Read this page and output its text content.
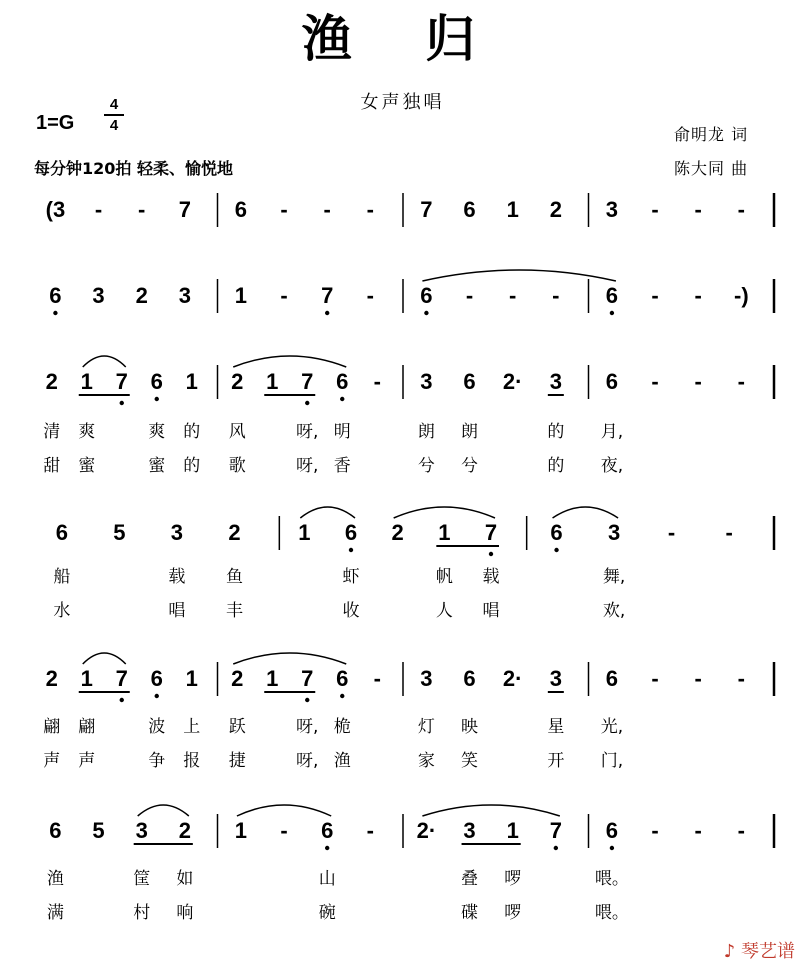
渔 归
女声独唱
1=G
4
4
每分钟120拍 轻柔、愉悦地
俞明龙 词
陈大同 曲
(3 - - 7 6 - - - 7 6 1 2 3 - - -
6 3 2 3 1 - 7 - 6 - - - 6 - - -)
2 1 7 6 1 2 1 7 6 - 3 6 2· 3 6 - - -
清 爽	爽 的 风	呀, 明	朗 朗	的 月,
甜 蜜	蜜 的 歌	呀, 香	兮 兮	的 夜,
6 5 3 2	1 6 2 1 7 6 3 - -
船	载 鱼	虾	帆 载	舞,
水	唱 丰	收	人 唱	欢,
2 1 7 6 1 2 1 7 6 - 3 6 2· 3 6 - - -
翩 翩	波 上 跃	呀, 桅	灯 映	星 光,
声 声	争 报 捷	呀, 渔	家 笑	开 门,
6 5 3 2 1 - 6 - 2· 3 1 7 6 - - -
渔	筐 如	山	叠 啰	喂。
满	村 响	碗	碟 啰	喂。
♪ 琴艺谱
